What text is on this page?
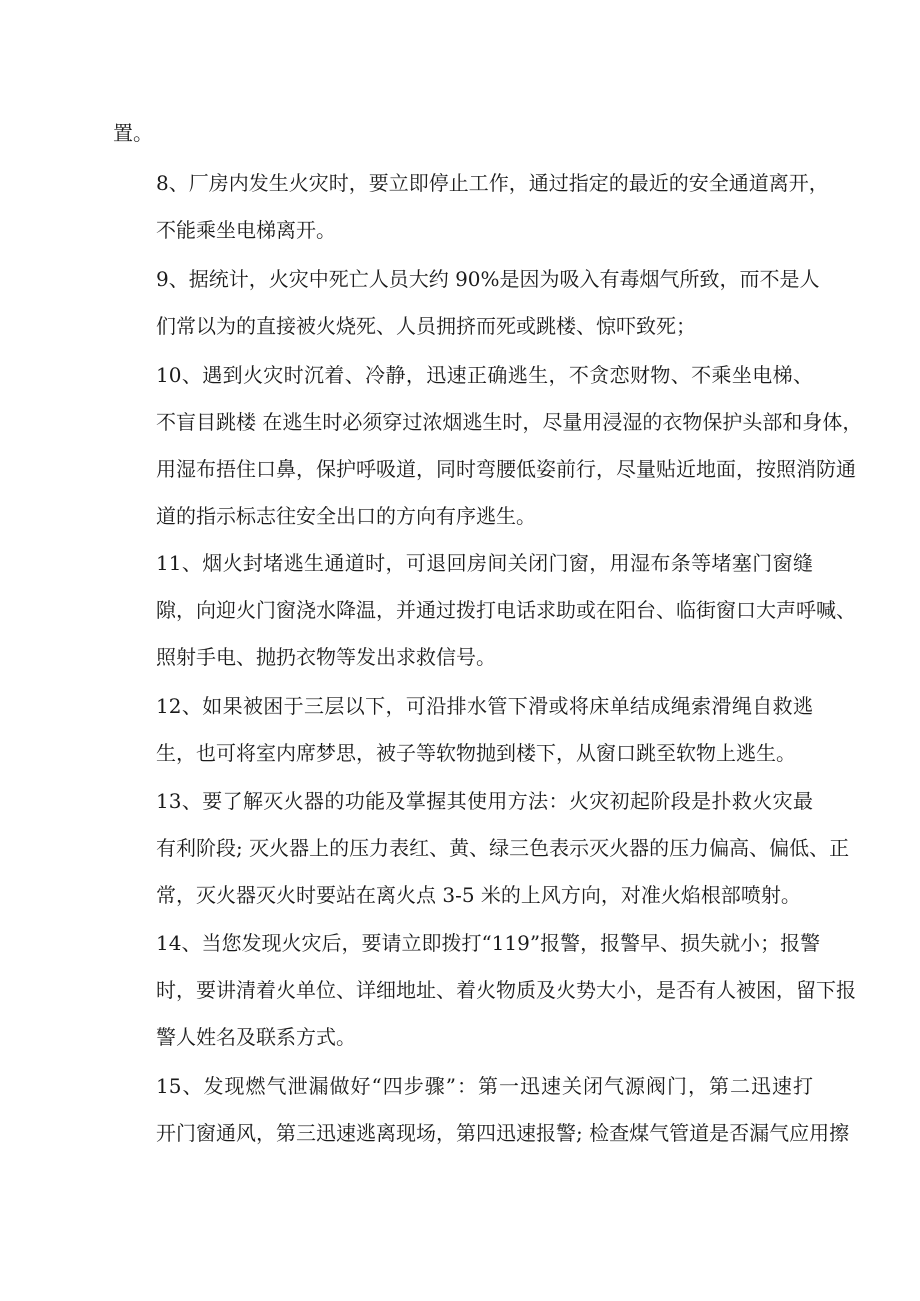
置。

8、厂房内发生火灾时，要立即停止工作，通过指定的最近的安全通道离开，
不能乘坐电梯离开。

9、据统计，火灾中死亡人员大约 90%是因为吸入有毒烟气所致，而不是人
们常以为的直接被火烧死、人员拥挤而死或跳楼、惊吓致死；

10、遇到火灾时沉着、冷静，迅速正确逃生，不贪恋财物、不乘坐电梯、
不盲目跳楼 在逃生时必须穿过浓烟逃生时，尽量用浸湿的衣物保护头部和身体，
用湿布捂住口鼻，保护呼吸道，同时弯腰低姿前行，尽量贴近地面，按照消防通
道的指示标志往安全出口的方向有序逃生。

11、烟火封堵逃生通道时，可退回房间关闭门窗，用湿布条等堵塞门窗缝
隙，向迎火门窗浇水降温，并通过拨打电话求助或在阳台、临街窗口大声呼喊、
照射手电、抛扔衣物等发出求救信号。

12、如果被困于三层以下，可沿排水管下滑或将床单结成绳索滑绳自救逃
生，也可将室内席梦思，被子等软物抛到楼下，从窗口跳至软物上逃生。

13、要了解灭火器的功能及掌握其使用方法：火灾初起阶段是扑救火灾最
有利阶段; 灭火器上的压力表红、黄、绿三色表示灭火器的压力偏高、偏低、正
常，灭火器灭火时要站在离火点 3-5 米的上风方向，对准火焰根部喷射。

14、当您发现火灾后，要请立即拨打“119”报警，报警早、损失就小；报警
时，要讲清着火单位、详细地址、着火物质及火势大小，是否有人被困，留下报
警人姓名及联系方式。

15、发现燃气泄漏做好“四步骤”：第一迅速关闭气源阀门，第二迅速打
开门窗通风，第三迅速逃离现场，第四迅速报警; 检查煤气管道是否漏气应用擦
